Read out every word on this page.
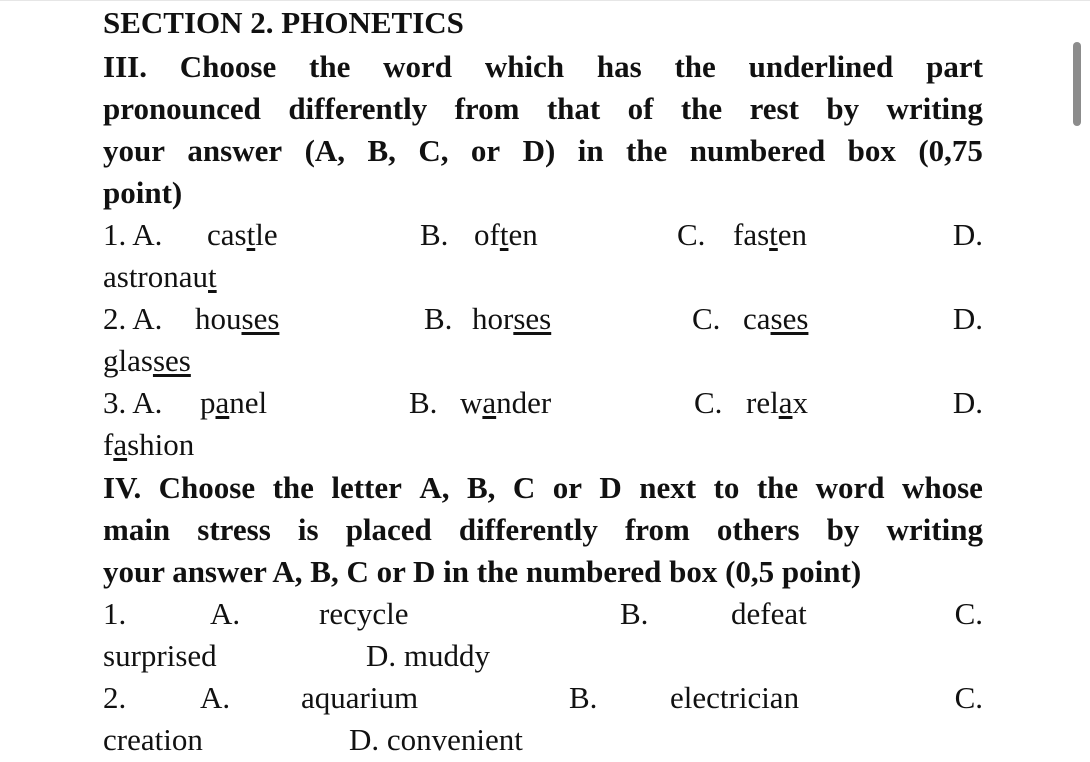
SECTION 2. PHONETICS
III. Choose the word which has the underlined part
pronounced differently from that of the rest by writing
your answer (A, B, C, or D) in the numbered box (0,75
point)
1. A. castle	B. often	C. fasten	D.
astronaut
2. A. houses	B. horses	C. cases	D.
glasses
3. A. panel	B. wander	C. relax	D.
fashion
IV. Choose the letter A, B, C or D next to the word whose
main stress is placed differently from others by writing
your answer A, B, C or D in the numbered box (0,5 point)
1.	A.	recycle	B.	defeat	C.
surprised	D. muddy
2. A. aquarium	B. electrician	C.
creation	D. convenient
